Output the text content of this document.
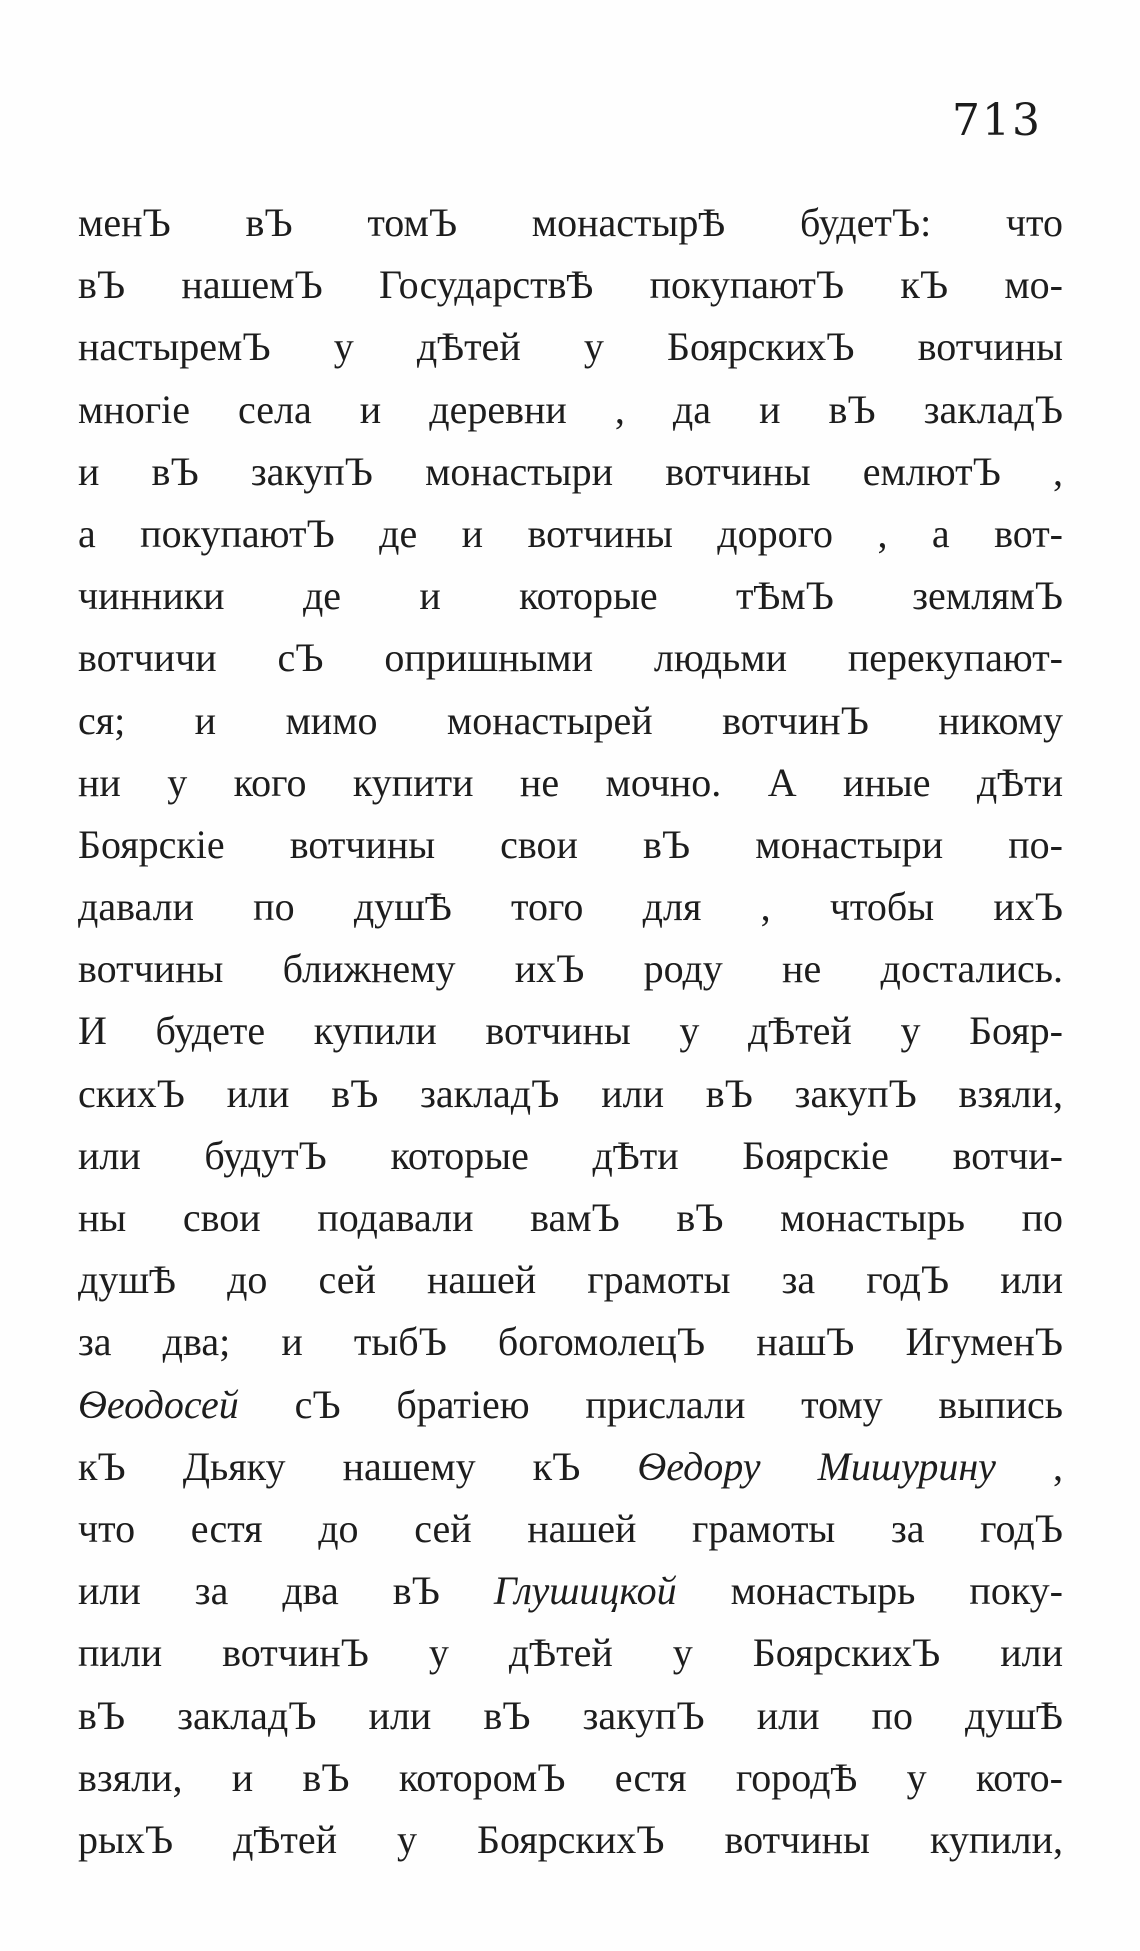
713
менЪ вЪ томЪ монастырѢ будетЪ: что
вЪ нашемЪ ГосударствѢ покупаютЪ кЪ мо-
настыремЪ у дѢтей у БоярскихЪ вотчины
многіе села и деревни , да и вЪ закладЪ
и вЪ закупЪ монастыри вотчины емлютЪ ,
а покупаютЪ де и вотчины дорого , а вот-
чинники де и которые тѢмЪ землямЪ
вотчичи сЪ опришными людьми перекупают-
ся; и мимо монастырей вотчинЪ никому
ни у кого купити не мочно. А иные дѢти
Боярскіе вотчины свои вЪ монастыри по-
давали по душѢ того для , чтобы ихЪ
вотчины ближнему ихЪ роду не достались.
И будете купили вотчины у дѢтей у Бояр-
скихЪ или вЪ закладЪ или вЪ закупЪ взяли,
или будутЪ которые дѢти Боярскіе вотчи-
ны свои подавали вамЪ вЪ монастырь по
душѢ до сей нашей грамоты за годЪ или
за два; и тыбЪ богомолецЪ нашЪ ИгуменЪ
Ѳеодосей сЪ братіею прислали тому выпись
кЪ Дьяку нашему кЪ Ѳедору Мишурину ,
что естя до сей нашей грамоты за годЪ
или за два вЪ Глушицкой монастырь поку-
пили вотчинЪ у дѢтей у БоярскихЪ или
вЪ закладЪ или вЪ закупЪ или по душѢ
взяли, и вЪ которомЪ естя городѢ у кото-
рыхЪ дѢтей у БоярскихЪ вотчины купили,
